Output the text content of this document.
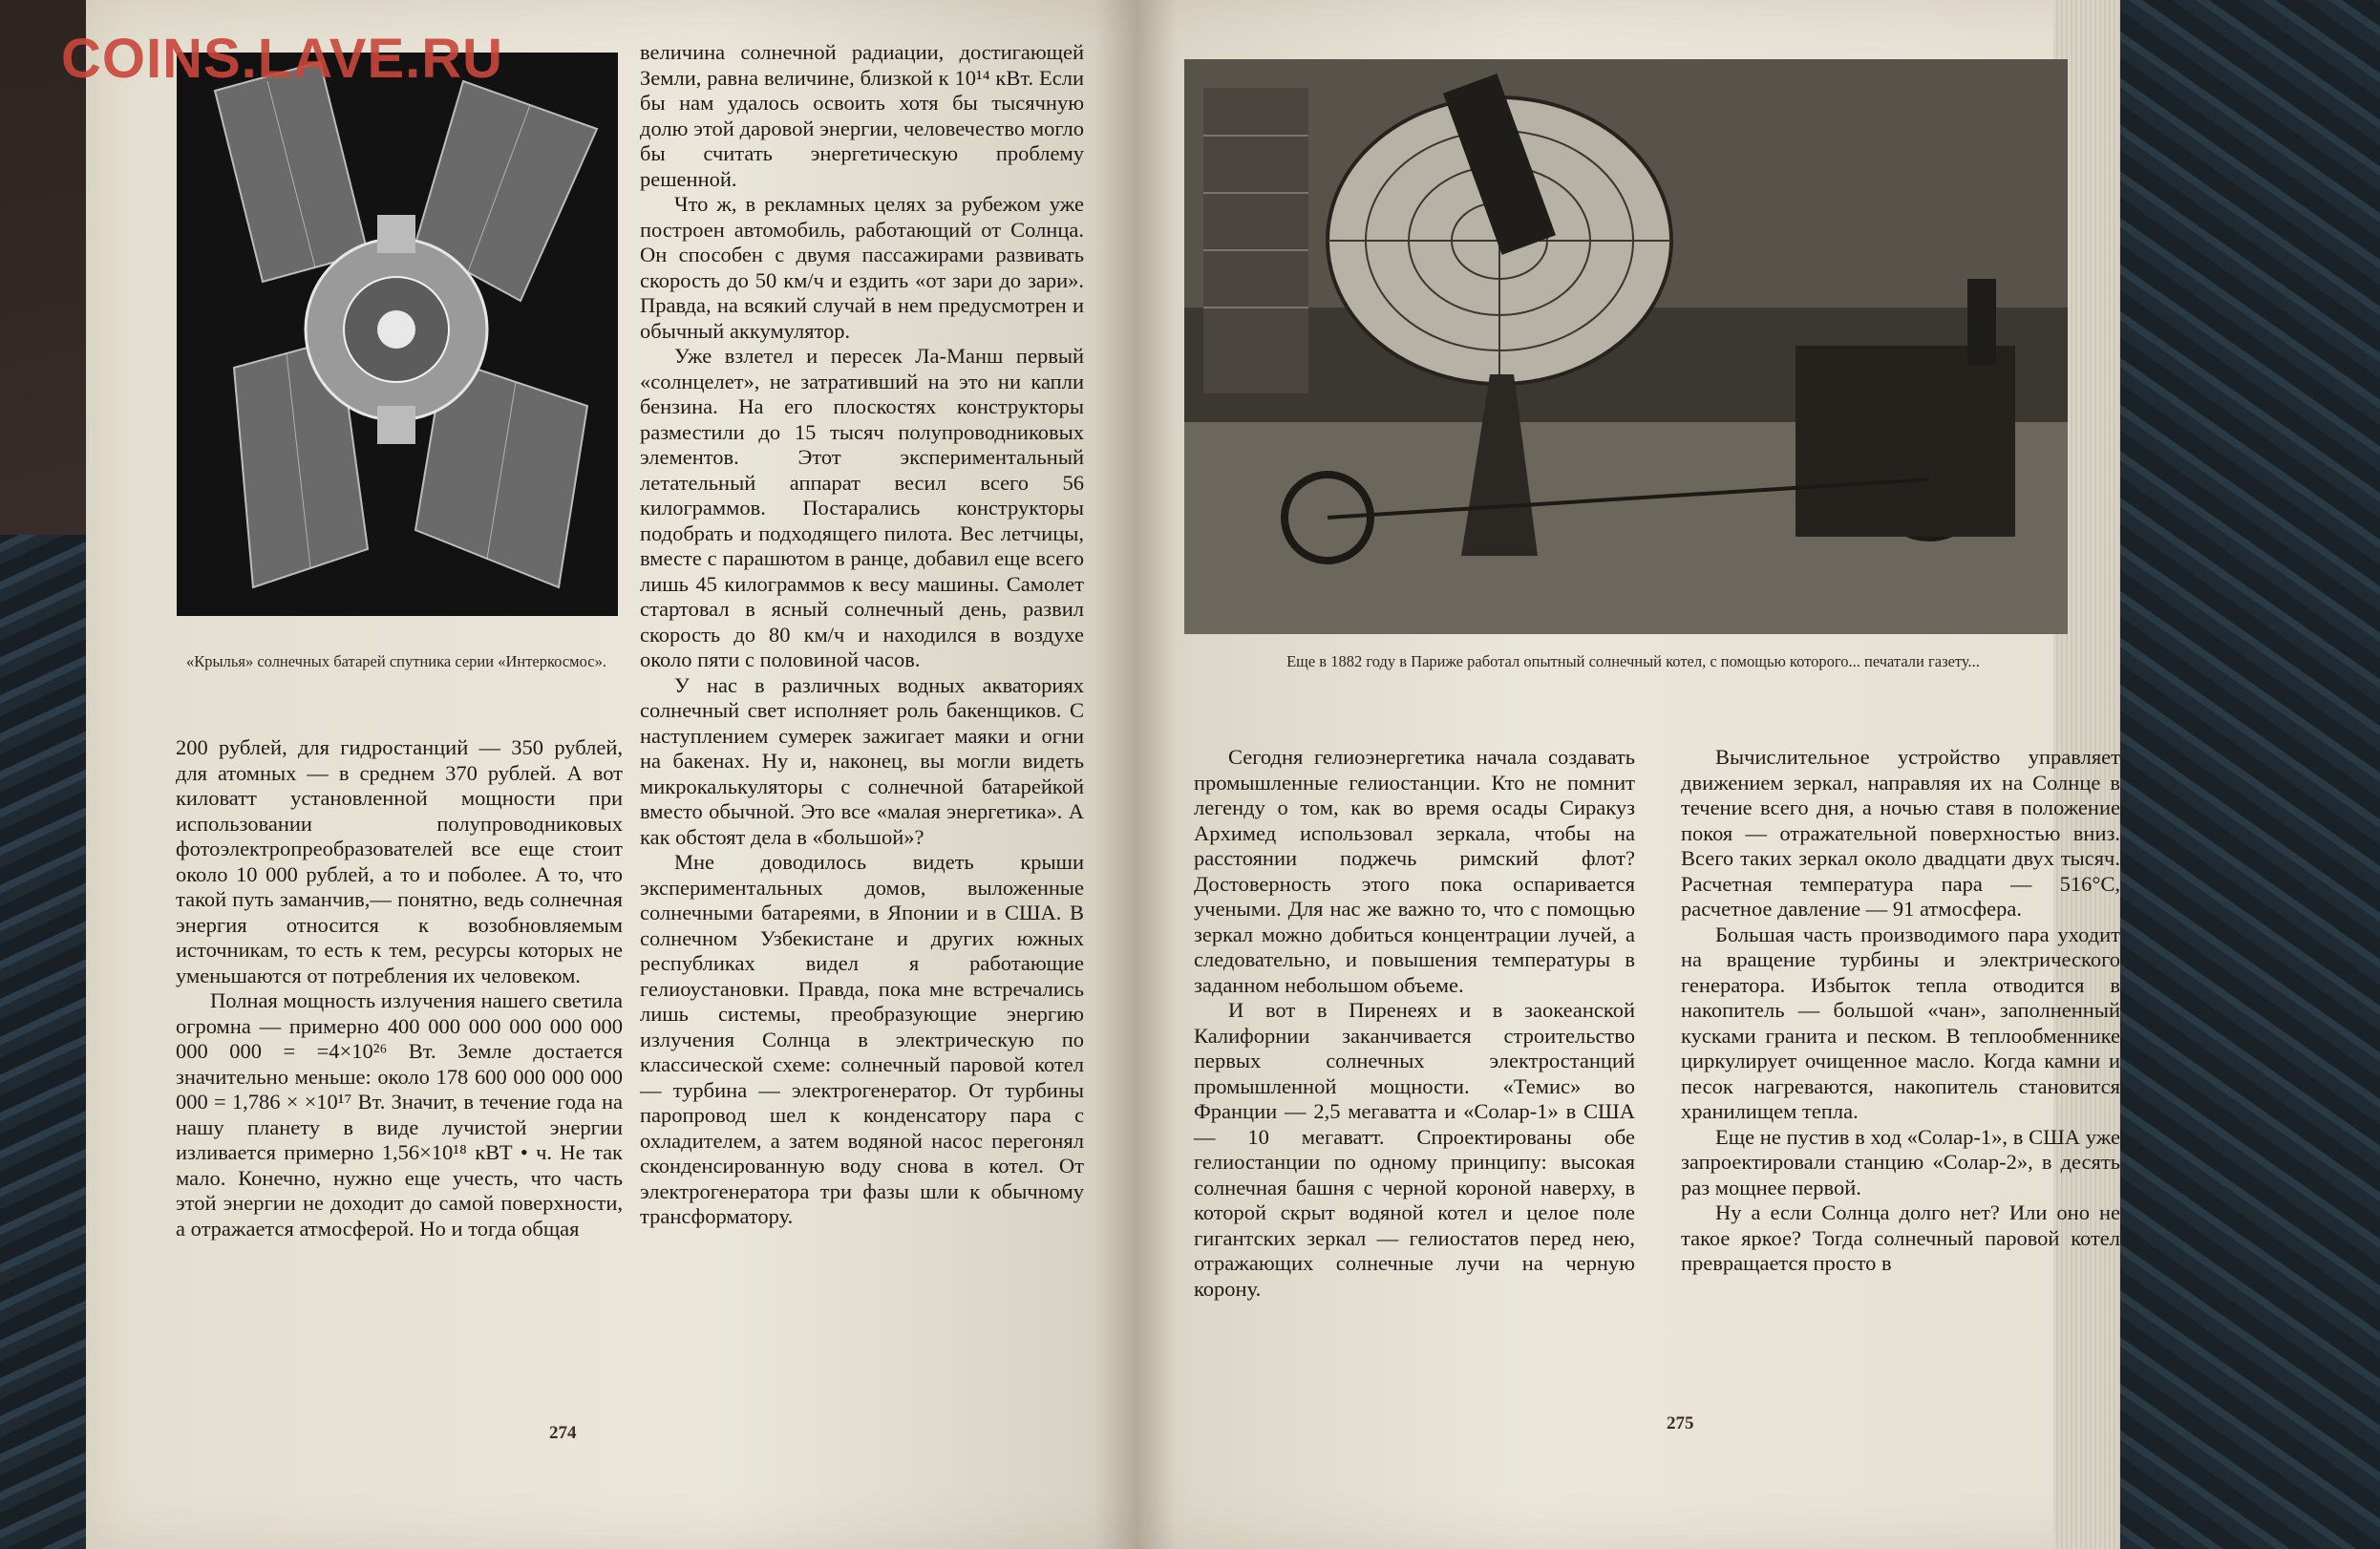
«Крылья» солнечных батарей спутника серии «Интеркосмос».	Еще в 1882 году в Париже работал опытный солнечный котел, с помощью которого... печатали газету...

200 рублей, для гидростанций — 350 рублей, для атомных — в среднем 370 рублей. А вот киловатт установленной мощности при использовании полупроводниковых фотоэлектропреобразователей все еще стоит около 10 000 рублей, а то и поболее. А то, что такой путь заманчив,— понятно, ведь солнечная энергия относится к возобновляемым источникам, то есть к тем, ресурсы которых не уменьшаются от потребления их человеком.

Полная мощность излучения нашего светила огромна — примерно 400 000 000 000 000 000 000 000 = =4×10²⁶ Вт. Земле достается значительно меньше: около 178 600 000 000 000 000 = 1,786 × ×10¹⁷ Вт. Значит, в течение года на нашу планету в виде лучистой энергии изливается примерно 1,56×10¹⁸ кВТ • ч. Не так мало. Конечно, нужно еще учесть, что часть этой энергии не доходит до самой поверхности, а отражается атмосферой. Но и тогда общая

величина солнечной радиации, достигающей Земли, равна величине, близкой к 10¹⁴ кВт. Если бы нам удалось освоить хотя бы тысячную долю этой даровой энергии, человечество могло бы считать энергетическую проблему решенной.

Что ж, в рекламных целях за рубежом уже построен автомобиль, работающий от Солнца. Он способен с двумя пассажирами развивать скорость до 50 км/ч и ездить «от зари до зари». Правда, на всякий случай в нем предусмотрен и обычный аккумулятор.

Уже взлетел и пересек Ла-Манш первый «солнцелет», не затративший на это ни капли бензина. На его плоскостях конструкторы разместили до 15 тысяч полупроводниковых элементов. Этот экспериментальный летательный аппарат весил всего 56 килограммов. Постарались конструкторы подобрать и подходящего пилота. Вес летчицы, вместе с парашютом в ранце, добавил еще всего лишь 45 килограммов к весу машины. Самолет стартовал в ясный солнечный день, развил скорость до 80 км/ч и находился в воздухе около пяти с половиной часов.

У нас в различных водных акваториях солнечный свет исполняет роль бакенщиков. С наступлением сумерек зажигает маяки и огни на бакенах. Ну и, наконец, вы могли видеть микрокалькуляторы с солнечной батарейкой вместо обычной. Это все «малая энергетика». А как обстоят дела в «большой»?

Мне доводилось видеть крыши экспериментальных домов, выложенные солнечными батареями, в Японии и в США. В солнечном Узбекистане и других южных республиках видел я работающие гелиоустановки. Правда, пока мне встречались лишь системы, преобразующие энергию излучения Солнца в электрическую по классической схеме: солнечный паровой котел — турбина — электрогенератор. От турбины паропровод шел к конденсатору пара с охладителем, а затем водяной насос перегонял сконденсированную воду снова в котел. От электрогенератора три фазы шли к обычному трансформатору.

Сегодня гелиоэнергетика начала создавать промышленные гелиостанции. Кто не помнит легенду о том, как во время осады Сиракуз Архимед использовал зеркала, чтобы на расстоянии поджечь римский флот? Достоверность этого пока оспаривается учеными. Для нас же важно то, что с помощью зеркал можно добиться концентрации лучей, а следовательно, и повышения температуры в заданном небольшом объеме.

И вот в Пиренеях и в заокеанской Калифорнии заканчивается строительство первых солнечных электростанций промышленной мощности. «Темис» во Франции — 2,5 мегаватта и «Солар-1» в США — 10 мегаватт. Спроектированы обе гелиостанции по одному принципу: высокая солнечная башня с черной короной наверху, в которой скрыт водяной котел и целое поле гигантских зеркал — гелиостатов перед нею, отражающих солнечные лучи на черную корону.

Вычислительное устройство управляет движением зеркал, направляя их на Солнце в течение всего дня, а ночью ставя в положение покоя — отражательной поверхностью вниз. Всего таких зеркал около двадцати двух тысяч. Расчетная температура пара — 516°С, расчетное давление — 91 атмосфера.

Большая часть производимого пара уходит на вращение турбины и электрического генератора. Избыток тепла отводится в накопитель — большой «чан», заполненный кусками гранита и песком. В теплообменнике циркулирует очищенное масло. Когда камни и песок нагреваются, накопитель становится хранилищем тепла.

Еще не пустив в ход «Солар-1», в США уже запроектировали станцию «Солар-2», в десять раз мощнее первой.

Ну а если Солнца долго нет? Или оно не такое яркое? Тогда солнечный паровой котел превращается просто в

274	275
COINS.LAVE.RU
